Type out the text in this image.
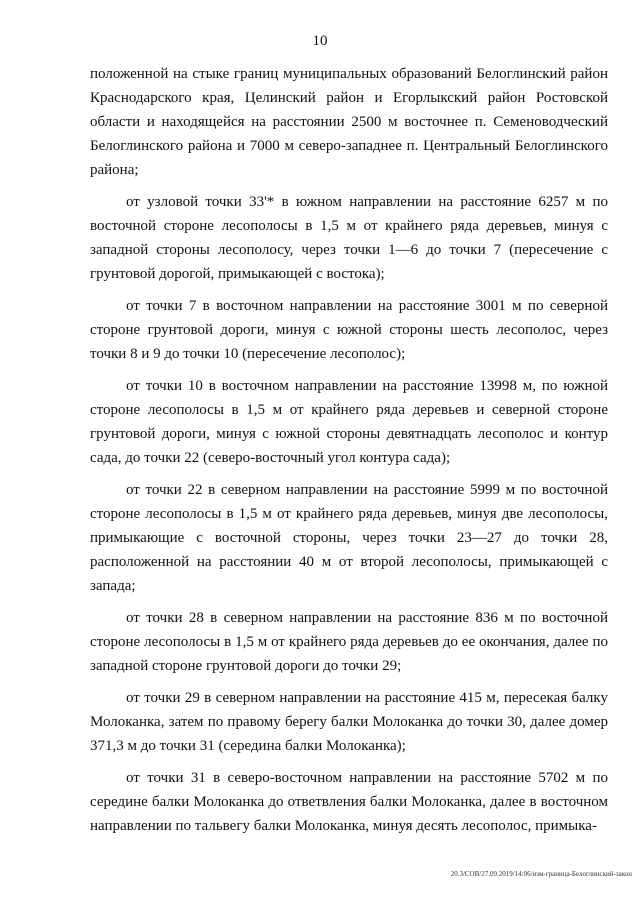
10

положенной на стыке границ муниципальных образований Белоглинский район Краснодарского края, Целинский район и Егорлыкский район Ростовской области и находящейся на расстоянии 2500 м восточнее п. Семеноводческий Белоглинского района и 7000 м северо-западнее п. Центральный Белоглинского района;

от узловой точки 33'* в южном направлении на расстояние 6257 м по восточной стороне лесополосы в 1,5 м от крайнего ряда деревьев, минуя с западной стороны лесополосу, через точки 1—6 до точки 7 (пересечение с грунтовой дорогой, примыкающей с востока);

от точки 7 в восточном направлении на расстояние 3001 м по северной стороне грунтовой дороги, минуя с южной стороны шесть лесополос, через точки 8 и 9 до точки 10 (пересечение лесополос);

от точки 10 в восточном направлении на расстояние 13998 м, по южной стороне лесополосы в 1,5 м от крайнего ряда деревьев и северной стороне грунтовой дороги, минуя с южной стороны девятнадцать лесополос и контур сада, до точки 22 (северо-восточный угол контура сада);

от точки 22 в северном направлении на расстояние 5999 м по восточной стороне лесополосы в 1,5 м от крайнего ряда деревьев, минуя две лесополосы, примыкающие с восточной стороны, через точки 23—27 до точки 28, расположенной на расстоянии 40 м от второй лесополосы, примыкающей с запада;

от точки 28 в северном направлении на расстояние 836 м по восточной стороне лесополосы в 1,5 м от крайнего ряда деревьев до ее окончания, далее по западной стороне грунтовой дороги до точки 29;

от точки 29 в северном направлении на расстояние 415 м, пересекая балку Молоканка, затем по правому берегу балки Молоканка до точки 30, далее домер 371,3 м до точки 31 (середина балки Молоканка);

от точки 31 в северо-восточном направлении на расстояние 5702 м по середине балки Молоканка до ответвления балки Молоканка, далее в восточном направлении по тальвегу балки Молоканка, минуя десять лесополос, примыка-

20.3/СОВ/27.09.2019/14:06/изм-граница-Белоглинский-закон
